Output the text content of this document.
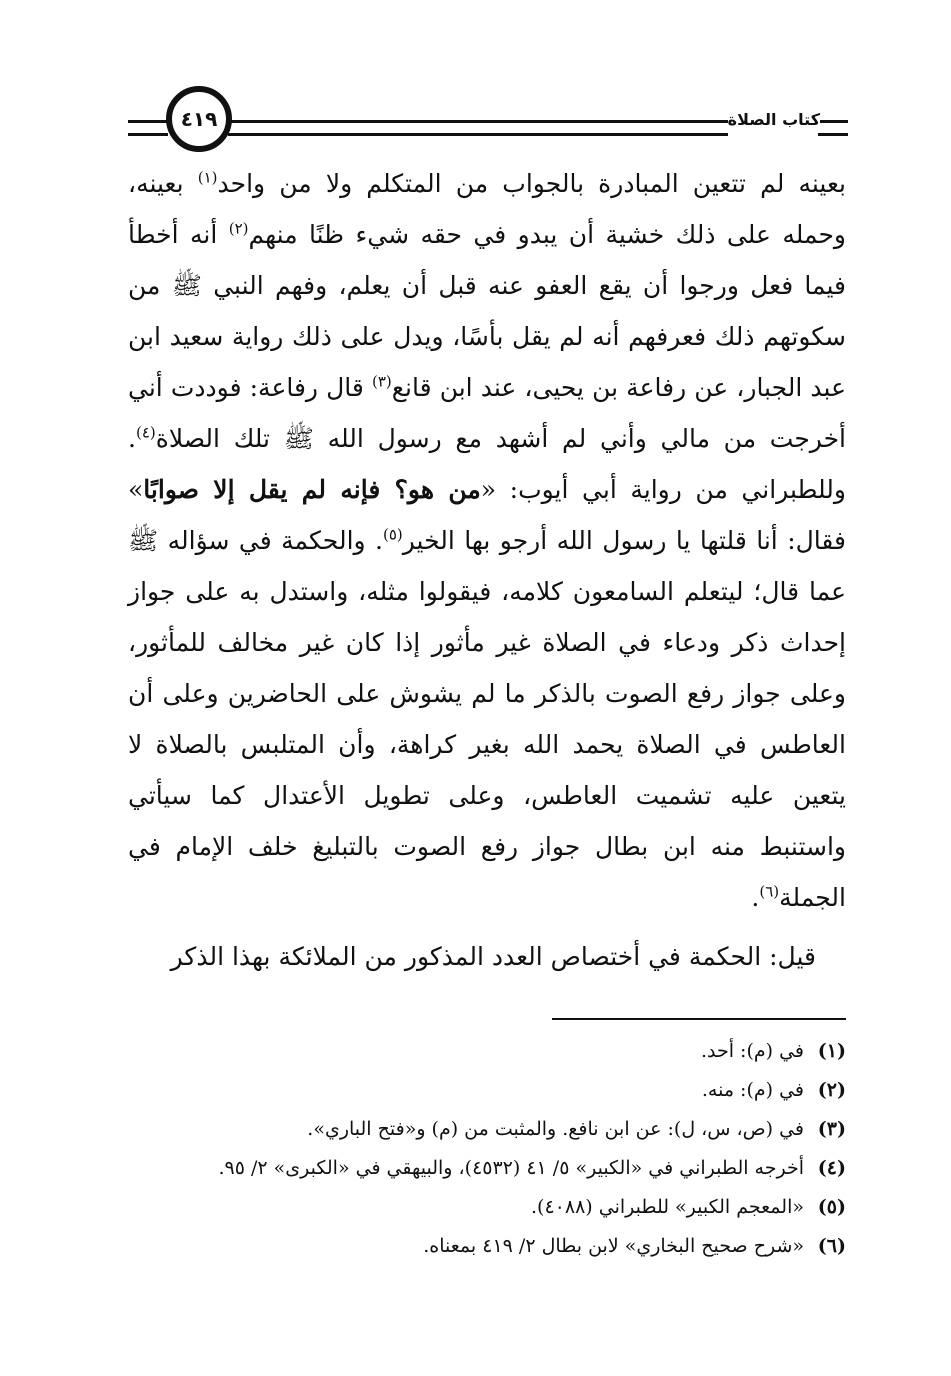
٤١٩	كتاب الصلاة

بعينه لم تتعين المبادرة بالجواب من المتكلم ولا من واحد$^{(١)}$ بعينه، وحمله على ذلك خشية أن يبدو في حقه شيء ظنًا منهم$^{(٢)}$ أنه أخطأ فيما فعل ورجوا أن يقع العفو عنه قبل أن يعلم، وفهم النبي ﷺ من سكوتهم ذلك فعرفهم أنه لم يقل بأسًا، ويدل على ذلك رواية سعيد ابن عبد الجبار، عن رفاعة بن يحيى، عند ابن قانع$^{(٣)}$ قال رفاعة: فوددت أني أخرجت من مالي وأني لم أشهد مع رسول الله ﷺ تلك الصلاة$^{(٤)}$. وللطبراني من رواية أبي أيوب: «من هو؟ فإنه لم يقل إلا صوابًا» فقال: أنا قلتها يا رسول الله أرجو بها الخير$^{(٥)}$. والحكمة في سؤاله ﷺ عما قال؛ ليتعلم السامعون كلامه، فيقولوا مثله، واستدل به على جواز إحداث ذكر ودعاء في الصلاة غير مأثور إذا كان غير مخالف للمأثور، وعلى جواز رفع الصوت بالذكر ما لم يشوش على الحاضرين وعلى أن العاطس في الصلاة يحمد الله بغير كراهة، وأن المتلبس بالصلاة لا يتعين عليه تشميت العاطس، وعلى تطويل الأعتدال كما سيأتي واستنبط منه ابن بطال جواز رفع الصوت بالتبليغ خلف الإمام في الجملة$^{(٦)}$.

قيل: الحكمة في أختصاص العدد المذكور من الملائكة بهذا الذكر

(١)
في (م): أحد.
(٢)
في (م): منه.
(٣)
في (ص، س، ل): عن ابن نافع. والمثبت من (م) و«فتح الباري».
(٤)
أخرجه الطبراني في «الكبير» ٥/ ٤١ (٤٥٣٢)، والبيهقي في «الكبرى» ٢/ ٩٥.
(٥)
«المعجم الكبير» للطبراني (٤٠٨٨).
(٦)
«شرح صحيح البخاري» لابن بطال ٢/ ٤١٩ بمعناه.
